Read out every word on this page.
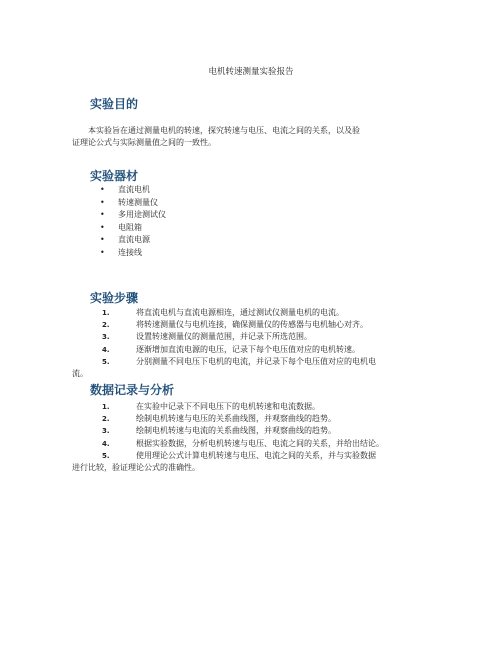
电机转速测量实验报告
实验目的
本实验旨在通过测量电机的转速，探究转速与电压、电流之间的关系，以及验
证理论公式与实际测量值之间的一致性。
实验器材
• 直流电机
• 转速测量仪
• 多用途测试仪
• 电阻箱
• 直流电源
• 连接线
实验步骤
1.	将直流电机与直流电源相连，通过测试仪测量电机的电流。
2.	将转速测量仪与电机连接，确保测量仪的传感器与电机轴心对齐。
3.	设置转速测量仪的测量范围，并记录下所选范围。
4.	逐渐增加直流电源的电压，记录下每个电压值对应的电机转速。
5.	分别测量不同电压下电机的电流，并记录下每个电压值对应的电机电
流。
数据记录与分析
1.	在实验中记录下不同电压下的电机转速和电流数据。
2.	绘制电机转速与电压的关系曲线图，并观察曲线的趋势。
3.	绘制电机转速与电流的关系曲线图，并观察曲线的趋势。
4.	根据实验数据，分析电机转速与电压、电流之间的关系，并给出结论。
5.	使用理论公式计算电机转速与电压、电流之间的关系，并与实验数据
进行比较，验证理论公式的准确性。
